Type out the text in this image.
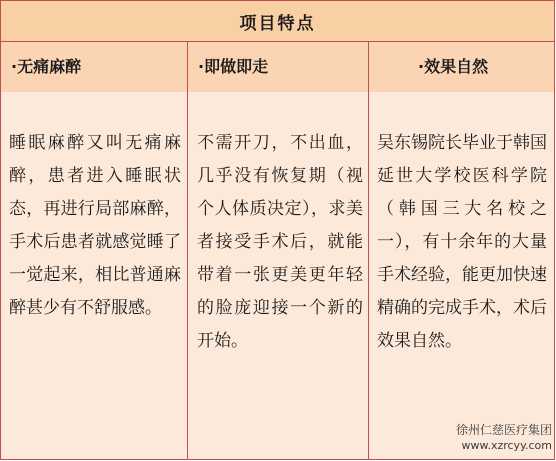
项目特点
·无痛麻醉	·即做即走	·效果自然
睡眠麻醉又叫无痛麻醉，患者进入睡眠状态，再进行局部麻醉，手术后患者就感觉睡了一觉起来，相比普通麻醉甚少有不舒服感。
不需开刀，不出血，几乎没有恢复期（视个人体质决定），求美者接受手术后，就能带着一张更美更年轻的脸庞迎接一个新的开始。
吴东锡院长毕业于韩国延世大学校医科学院（韩国三大名校之一），有十余年的大量手术经验，能更加快速精确的完成手术，术后效果自然。
徐州仁慈医疗集团
www.xzrcyy.com
